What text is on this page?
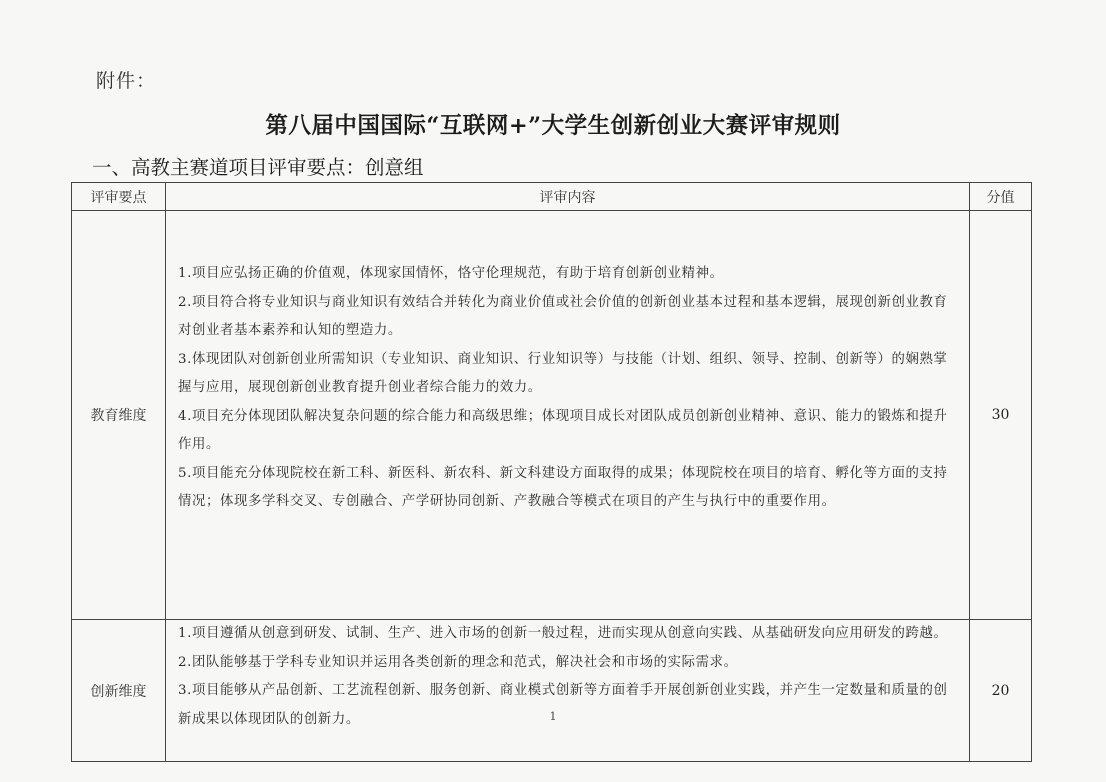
附件：
第八届中国国际“互联网+”大学生创新创业大赛评审规则
一、高教主赛道项目评审要点：创意组
评审要点	评审内容	分值
教育维度	1.项目应弘扬正确的价值观，体现家国情怀，恪守伦理规范，有助于培育创新创业精神。

2.项目符合将专业知识与商业知识有效结合并转化为商业价值或社会价值的创新创业基本过程和基本逻辑，展现创新创业教育对创业者基本素养和认知的塑造力。

3.体现团队对创新创业所需知识（专业知识、商业知识、行业知识等）与技能（计划、组织、领导、控制、创新等）的娴熟掌握与应用，展现创新创业教育提升创业者综合能力的效力。

4.项目充分体现团队解决复杂问题的综合能力和高级思维；体现项目成长对团队成员创新创业精神、意识、能力的锻炼和提升作用。

5.项目能充分体现院校在新工科、新医科、新农科、新文科建设方面取得的成果；体现院校在项目的培育、孵化等方面的支持情况；体现多学科交叉、专创融合、产学研协同创新、产教融合等模式在项目的产生与执行中的重要作用。	30
创新维度	1.项目遵循从创意到研发、试制、生产、进入市场的创新一般过程，进而实现从创意向实践、从基础研发向应用研发的跨越。

2.团队能够基于学科专业知识并运用各类创新的理念和范式，解决社会和市场的实际需求。

3.项目能够从产品创新、工艺流程创新、服务创新、商业模式创新等方面着手开展创新创业实践，并产生一定数量和质量的创新成果以体现团队的创新力。	20
1
